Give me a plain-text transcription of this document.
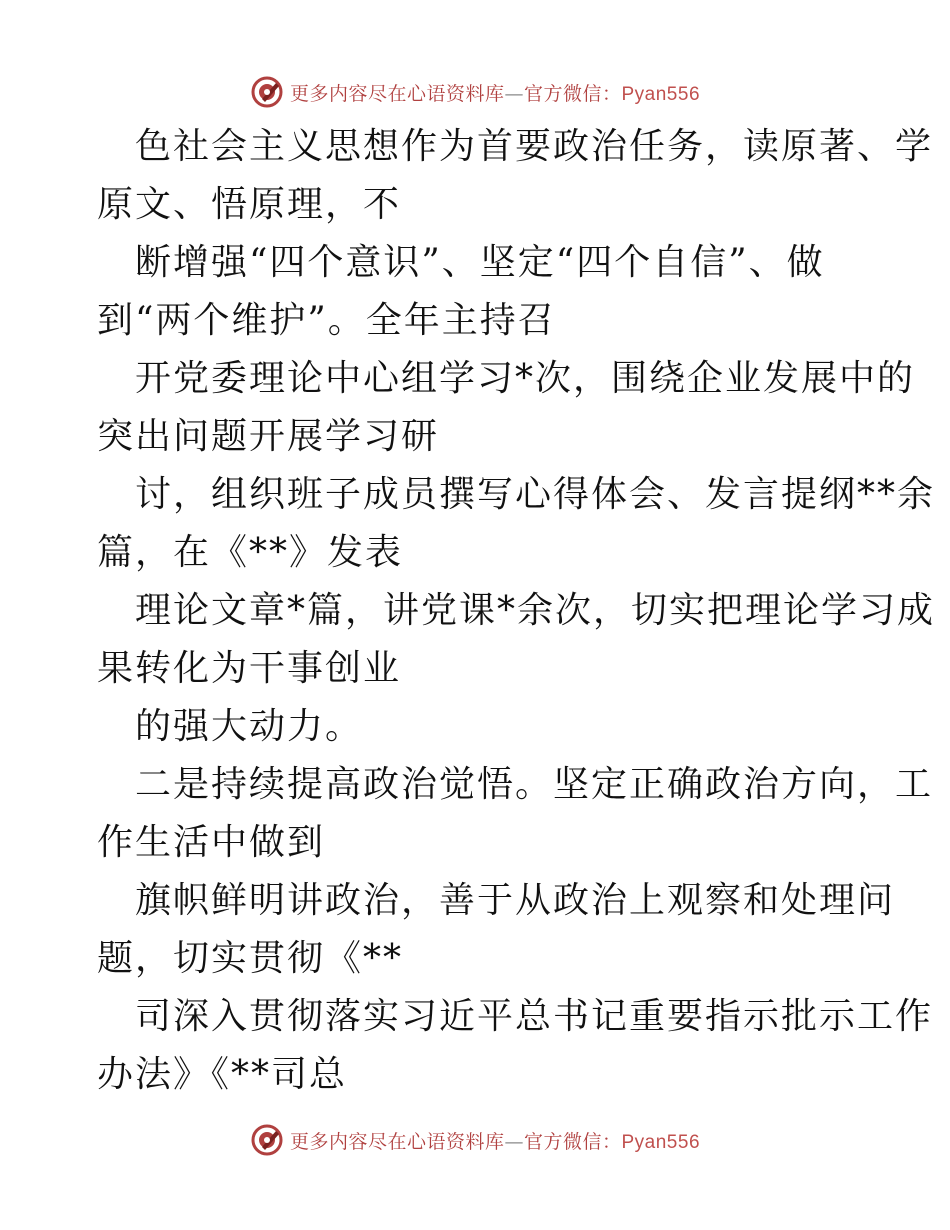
更多内容尽在心语资料库—官方微信：Pyan556
色社会主义思想作为首要政治任务，读原著、学
原文、悟原理，不
断增强“四个意识”、坚定“四个自信”、做
到“两个维护”。全年主持召
开党委理论中心组学习*次，围绕企业发展中的
突出问题开展学习研
讨，组织班子成员撰写心得体会、发言提纲**余
篇，在《**》发表
理论文章*篇，讲党课*余次，切实把理论学习成
果转化为干事创业
的强大动力。
二是持续提高政治觉悟。坚定正确政治方向，工
作生活中做到
旗帜鲜明讲政治，善于从政治上观察和处理问
题，切实贯彻《**
司深入贯彻落实习近平总书记重要指示批示工作
办法》《**司总
更多内容尽在心语资料库—官方微信：Pyan556
